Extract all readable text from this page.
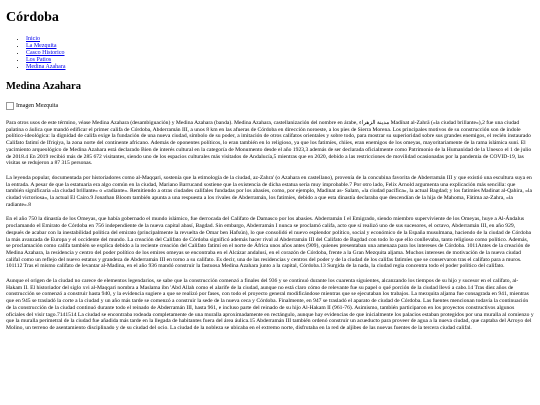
Córdoba
• Inicio
• La Mezquita
• Casco Historico
• Los Patios
• Medina Azahara
Medina Azahara
Imagen Mezquita

Para otros usos de este término, véase Medina Azahara (desambiguación) y Medina Azahara (banda). Medina Azahara, castellanización del nombre en árabe, مدينة الزهراء Madīnat al-Zahrā («la ciudad brillante»),2 fue una ciudad palatina o áulica que mandó edificar el primer califa de Córdoba, Abderramán III, a unos 8 km en las afueras de Córdoba en dirección noroeste, a los pies de Sierra Morena. Los principales motivos de su construcción son de índole político-ideológica: la dignidad de califa exige la fundación de una nueva ciudad, símbolo de su poder, a imitación de otros califatos orientales y sobre todo, para mostrar su superioridad sobre sus grandes enemigos, el recién instaurado Califato fatimí de Ifriqiya, la zona norte del continente africano. Además de oponentes políticos, lo eran también en lo religioso, ya que los fatimíes, chiíes, eran enemigos de los omeyas, mayoritariamente de la rama islámica suní. El yacimiento arqueológico de Medina Azahara está declarado Bien de interés cultural en la categoría de Monumento desde el año 1923,3 además de ser declarada oficialmente como Patrimonio de la Humanidad de la Unesco el 1 de julio de 2018.4 En 2019 recibió más de 285 672 visitantes, siendo uno de los espacios culturales más visitados de Andalucía,5 mientras que en 2020, debido a las restricciones de movilidad ocasionadas por la pandemia de COVID-19, las visitas se redujeron a 87 315 personas.

La leyenda popular, documentada por historiadores como al-Maqqari, sostenía que la etimología de la ciudad, az-Zahra' (o Azahara en castellano), provenía de la concubina favorita de Abderramán III y que existió una escultura suya en la entrada. A pesar de que la estatuaria era algo común en la ciudad, Mariano Barrucand sostiene que la existencia de dicha estatua sería muy improbable.7 Por otro lado, Felix Arnold argumenta una explicación más sencilla: que también significaría «la ciudad brillante» o «radiante». Remitiendo a otras ciudades califales fundadas por los abasíes, como, por ejemplo, Madinat as- Salam, «la ciudad pacífica», la actual Bagdad; y los fatimíes Madinat al-Qahira, «la ciudad victoriosa», la actual El Cairo.9 Jonathan Bloom también apunta a una respuesta a los rivales de Abderramán, los fatimíes, debido a que esta dinastía declaraba que descendían de la hija de Mahoma, Fátima az-Zahra, «la radiante».8

En el año 750 la dinastía de los Omeyas, que había gobernado el mundo islámico, fue derrocada del Califato de Damasco por los abasíes. Abderramán I el Emigrado, siendo miembro superviviente de los Omeyas, huye a Al-Ándalus proclamando el Emirato de Córdoba en 756 independiente de la nueva capital abasí, Bagdad. Sin embargo, Abderramán I nunca se proclamó califa, acto que sí realizó uno de sus sucesores, el octavo, Abderramán III, en año 929, después de acabar con la inestabilidad política del emirato (principalmente la revuelta de Omar ben Hafsún), lo que consolidó el nuevo esplendor político, social y económico de la España musulmana, haciendo de la ciudad de Córdoba la más avanzada de Europa y el occidente del mundo. La creación del Califato de Córdoba significó además hacer rival al Abderramán III del Califato de Bagdad con todo lo que ello conllevaba, tanto religioso como político. Además, se proclamación como califa también se explica debido a la reciente creación del Califato fatimí en el norte de África unos años antes (909), quienes presentaban una amenaza para los intereses de Córdoba. 1011Antes de la creación de Medina Azahara, la residencia y centro del poder político de los emires omeyas se encontraba en el Alcázar andalusí, en el corazón de Córdoba, frente a la Gran Mezquita aljama. Muchos intereses de motivación de la nueva ciudad califal como un reflejo del nuevo estatus y grandeza de Abderramán III en torno a su califato. Es decir, una de las residencias y centros del poder y de la ciudad de los califas fatimíes que se conservaron tras el califato para a muros. 101112 Tras el mismo califato de levantar al-Madina, en el año 936 mandó construir la fastuosa Medina Azahara junto a la capital, Córdoba.13 Surgida de la nada, la ciudad regia concentra todo el poder político del califato.

Aunque el origen de la ciudad no carece de elementos legendarios, se sabe que la construcción comenzó a finales del 936 y se continuó durante los cuarenta siguientes, alcanzando los tiempos de su hijo y sucesor en el califato, al-Hakam II. El historiador del siglo xvi al-Maqqari nombra a Maslama ibn 'Abd Allah como el alarife de la ciudad, aunque no está claro cómo de relevante fue su papel o qué porción de la ciudad llevó a cabo.14 Tras diez años de construcción se comenzó a construir hasta 940, y la evidencia sugiere a que se realizó por fases, con todo el proyecto general modificándose mientras que se ejecutaban los trabajos. La mezquita aljama fue consagrada en 941, mientras que en 945 se trasladó la corte a la ciudad y un año más tarde se comenzó a construir la sede de la nueva ceca y Córdoba. Finalmente, en 947 se trasladó el aparato de ciudad de Córdoba. Las fuentes mencionan todavía la continuación de la construcción de la ciudad continuó durante todo el reinado de Abderramán III, hasta 961, e incluso parte del reinado de su hijo Al-Hakam II (961-76). Asimismo, también participaron en los proyectos constructivos algunos oficiales del visir tago.7141514 La ciudad se encontraba rodeada completamente de una muralla aproximadamente en rectángulo, aunque hay evidencias de que inicialmente los palacios estaban protegidos por una muralla al comienzo y que la muralla perimetral de la ciudad fue añadida más tarde en la llegada de habitantes fuera del área áulica.15 Abderramán III también ordenó construir un acueducto para proveer de agua a la nueva ciudad, que captaba del Arroyo del Molino, un terreno de asentamiento disciplinado y de su ciudad del ocio. La ciudad de la nobleza se ubicaba en el extremo norte, disfrutaba en la red de aljibes de las nuevas fuentes de la tercera ciudad califal.
